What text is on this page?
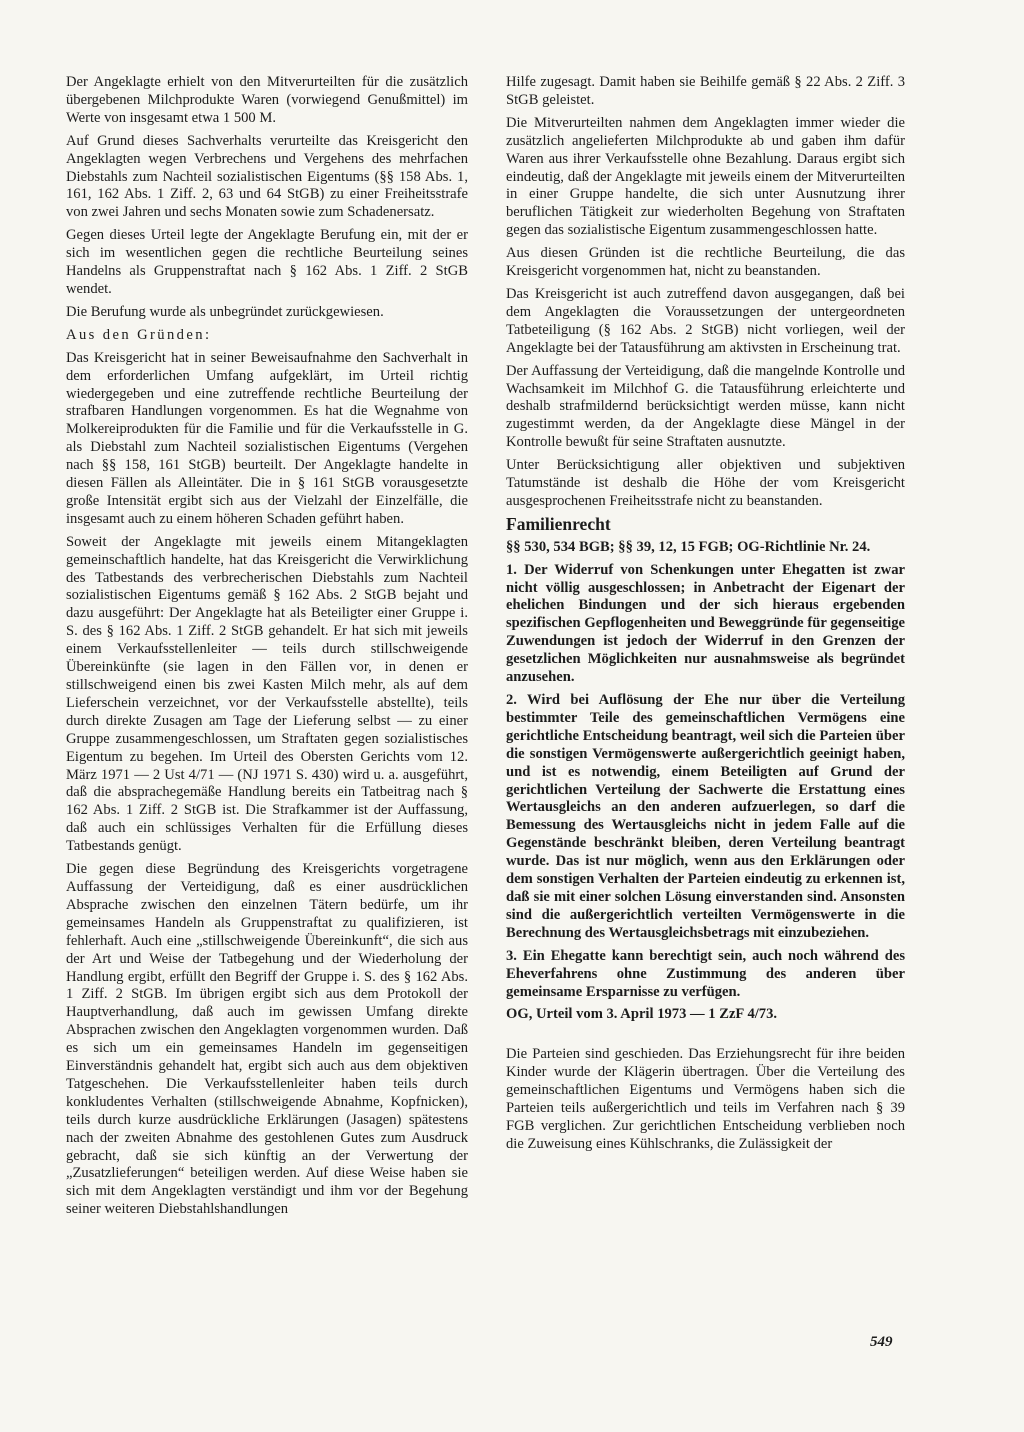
Der Angeklagte erhielt von den Mitverurteilten für die zusätzlich übergebenen Milchprodukte Waren (vorwiegend Genußmittel) im Werte von insgesamt etwa 1 500 M.

Auf Grund dieses Sachverhalts verurteilte das Kreisgericht den Angeklagten wegen Verbrechens und Vergehens des mehrfachen Diebstahls zum Nachteil sozialistischen Eigentums (§§ 158 Abs. 1, 161, 162 Abs. 1 Ziff. 2, 63 und 64 StGB) zu einer Freiheitsstrafe von zwei Jahren und sechs Monaten sowie zum Schadenersatz.

Gegen dieses Urteil legte der Angeklagte Berufung ein, mit der er sich im wesentlichen gegen die rechtliche Beurteilung seines Handelns als Gruppenstraftat nach § 162 Abs. 1 Ziff. 2 StGB wendet.

Die Berufung wurde als unbegründet zurückgewiesen.

Aus den Gründen:

Das Kreisgericht hat in seiner Beweisaufnahme den Sachverhalt in dem erforderlichen Umfang aufgeklärt, im Urteil richtig wiedergegeben und eine zutreffende rechtliche Beurteilung der strafbaren Handlungen vorgenommen. Es hat die Wegnahme von Molkereiprodukten für die Familie und für die Verkaufsstelle in G. als Diebstahl zum Nachteil sozialistischen Eigentums (Vergehen nach §§ 158, 161 StGB) beurteilt. Der Angeklagte handelte in diesen Fällen als Alleintäter. Die in § 161 StGB vorausgesetzte große Intensität ergibt sich aus der Vielzahl der Einzelfälle, die insgesamt auch zu einem höheren Schaden geführt haben.

Soweit der Angeklagte mit jeweils einem Mitangeklagten gemeinschaftlich handelte, hat das Kreisgericht die Verwirklichung des Tatbestands des verbrecherischen Diebstahls zum Nachteil sozialistischen Eigentums gemäß § 162 Abs. 2 StGB bejaht und dazu ausgeführt: Der Angeklagte hat als Beteiligter einer Gruppe i. S. des § 162 Abs. 1 Ziff. 2 StGB gehandelt. Er hat sich mit jeweils einem Verkaufsstellenleiter — teils durch stillschweigende Übereinkünfte (sie lagen in den Fällen vor, in denen er stillschweigend einen bis zwei Kasten Milch mehr, als auf dem Lieferschein verzeichnet, vor der Verkaufsstelle abstellte), teils durch direkte Zusagen am Tage der Lieferung selbst — zu einer Gruppe zusammengeschlossen, um Straftaten gegen sozialistisches Eigentum zu begehen. Im Urteil des Obersten Gerichts vom 12. März 1971 — 2 Ust 4/71 — (NJ 1971 S. 430) wird u. a. ausgeführt, daß die absprachegemäße Handlung bereits ein Tatbeitrag nach § 162 Abs. 1 Ziff. 2 StGB ist. Die Strafkammer ist der Auffassung, daß auch ein schlüssiges Verhalten für die Erfüllung dieses Tatbestands genügt.

Die gegen diese Begründung des Kreisgerichts vorgetragene Auffassung der Verteidigung, daß es einer ausdrücklichen Absprache zwischen den einzelnen Tätern bedürfe, um ihr gemeinsames Handeln als Gruppenstraftat zu qualifizieren, ist fehlerhaft. Auch eine „stillschweigende Übereinkunft“, die sich aus der Art und Weise der Tatbegehung und der Wiederholung der Handlung ergibt, erfüllt den Begriff der Gruppe i. S. des § 162 Abs. 1 Ziff. 2 StGB. Im übrigen ergibt sich aus dem Protokoll der Hauptverhandlung, daß auch im gewissen Umfang direkte Absprachen zwischen den Angeklagten vorgenommen wurden. Daß es sich um ein gemeinsames Handeln im gegenseitigen Einverständnis gehandelt hat, ergibt sich auch aus dem objektiven Tatgeschehen. Die Verkaufsstellenleiter haben teils durch konkludentes Verhalten (stillschweigende Abnahme, Kopfnicken), teils durch kurze ausdrückliche Erklärungen (Jasagen) spätestens nach der zweiten Abnahme des gestohlenen Gutes zum Ausdruck gebracht, daß sie sich künftig an der Verwertung der „Zusatzlieferungen“ beteiligen werden. Auf diese Weise haben sie sich mit dem Angeklagten verständigt und ihm vor der Begehung seiner weiteren Diebstahlshandlungen

Hilfe zugesagt. Damit haben sie Beihilfe gemäß § 22 Abs. 2 Ziff. 3 StGB geleistet.

Die Mitverurteilten nahmen dem Angeklagten immer wieder die zusätzlich angelieferten Milchprodukte ab und gaben ihm dafür Waren aus ihrer Verkaufsstelle ohne Bezahlung. Daraus ergibt sich eindeutig, daß der Angeklagte mit jeweils einem der Mitverurteilten in einer Gruppe handelte, die sich unter Ausnutzung ihrer beruflichen Tätigkeit zur wiederholten Begehung von Straftaten gegen das sozialistische Eigentum zusammengeschlossen hatte.

Aus diesen Gründen ist die rechtliche Beurteilung, die das Kreisgericht vorgenommen hat, nicht zu beanstanden.

Das Kreisgericht ist auch zutreffend davon ausgegangen, daß bei dem Angeklagten die Voraussetzungen der untergeordneten Tatbeteiligung (§ 162 Abs. 2 StGB) nicht vorliegen, weil der Angeklagte bei der Tatausführung am aktivsten in Erscheinung trat.

Der Auffassung der Verteidigung, daß die mangelnde Kontrolle und Wachsamkeit im Milchhof G. die Tatausführung erleichterte und deshalb strafmildernd berücksichtigt werden müsse, kann nicht zugestimmt werden, da der Angeklagte diese Mängel in der Kontrolle bewußt für seine Straftaten ausnutzte.

Unter Berücksichtigung aller objektiven und subjektiven Tatumstände ist deshalb die Höhe der vom Kreisgericht ausgesprochenen Freiheitsstrafe nicht zu beanstanden.

Familienrecht

§§ 530, 534 BGB; §§ 39, 12, 15 FGB; OG-Richtlinie Nr. 24.

1. Der Widerruf von Schenkungen unter Ehegatten ist zwar nicht völlig ausgeschlossen; in Anbetracht der Eigenart der ehelichen Bindungen und der sich hieraus ergebenden spezifischen Gepflogenheiten und Beweggründe für gegenseitige Zuwendungen ist jedoch der Widerruf in den Grenzen der gesetzlichen Möglichkeiten nur ausnahmsweise als begründet anzusehen.

2. Wird bei Auflösung der Ehe nur über die Verteilung bestimmter Teile des gemeinschaftlichen Vermögens eine gerichtliche Entscheidung beantragt, weil sich die Parteien über die sonstigen Vermögenswerte außergerichtlich geeinigt haben, und ist es notwendig, einem Beteiligten auf Grund der gerichtlichen Verteilung der Sachwerte die Erstattung eines Wertausgleichs an den anderen aufzuerlegen, so darf die Bemessung des Wertausgleichs nicht in jedem Falle auf die Gegenstände beschränkt bleiben, deren Verteilung beantragt wurde. Das ist nur möglich, wenn aus den Erklärungen oder dem sonstigen Verhalten der Parteien eindeutig zu erkennen ist, daß sie mit einer solchen Lösung einverstanden sind. Ansonsten sind die außergerichtlich verteilten Vermögenswerte in die Berechnung des Wertausgleichsbetrags mit einzubeziehen.

3. Ein Ehegatte kann berechtigt sein, auch noch während des Eheverfahrens ohne Zustimmung des anderen über gemeinsame Ersparnisse zu verfügen.

OG, Urteil vom 3. April 1973 — 1 ZzF 4/73.

Die Parteien sind geschieden. Das Erziehungsrecht für ihre beiden Kinder wurde der Klägerin übertragen. Über die Verteilung des gemeinschaftlichen Eigentums und Vermögens haben sich die Parteien teils außergerichtlich und teils im Verfahren nach § 39 FGB verglichen. Zur gerichtlichen Entscheidung verblieben noch die Zuweisung eines Kühlschranks, die Zulässigkeit der

549
